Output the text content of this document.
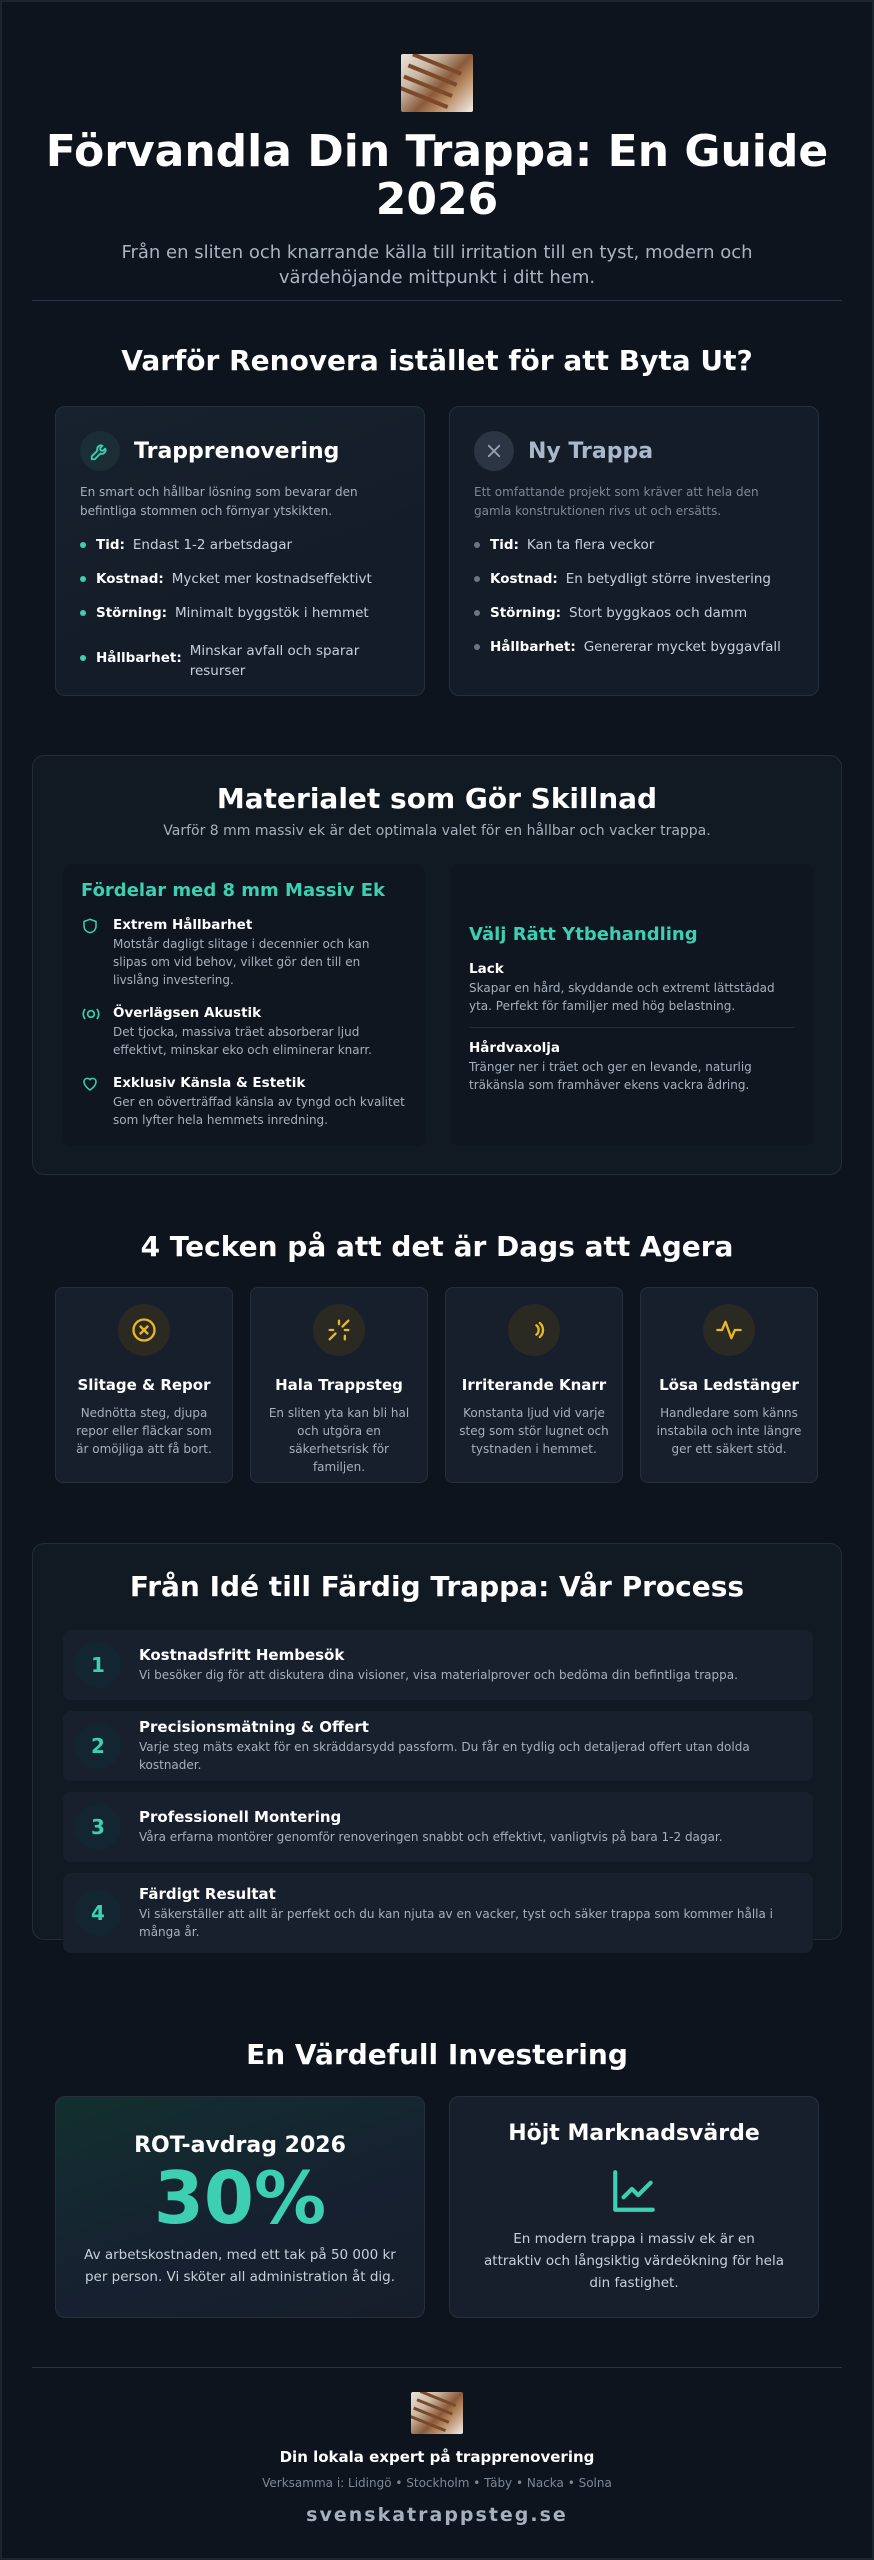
Förvandla Din Trappa: En Guide 2026

Från en sliten och knarrande källa till irritation till en tyst, modern och värdehöjande mittpunkt i ditt hem.

Varför Renovera istället för att Byta Ut?
Trapprenovering
En smart och hållbar lösning som bevarar den befintliga stommen och förnyar ytskikten.
Tid: Endast 1-2 arbetsdagar
Kostnad: Mycket mer kostnadseffektivt
Störning: Minimalt byggstök i hemmet
Hållbarhet: Minskar avfall och sparar resurser
Ny Trappa
Ett omfattande projekt som kräver att hela den gamla konstruktionen rivs ut och ersätts.
Tid: Kan ta flera veckor
Kostnad: En betydligt större investering
Störning: Stort byggkaos och damm
Hållbarhet: Genererar mycket byggavfall
Materialet som Gör Skillnad
Varför 8 mm massiv ek är det optimala valet för en hållbar och vacker trappa.
Fördelar med 8 mm Massiv Ek
Extrem Hållbarhet

Motstår dagligt slitage i decennier och kan slipas om vid behov, vilket gör den till en livslång investering.

Överlägsen Akustik

Det tjocka, massiva träet absorberar ljud effektivt, minskar eko och eliminerar knarr.

Exklusiv Känsla & Estetik

Ger en oöverträffad känsla av tyngd och kvalitet som lyfter hela hemmets inredning.

Välj Rätt Ytbehandling
Lack

Skapar en hård, skyddande och extremt lättstädad yta. Perfekt för familjer med hög belastning.

Hårdvaxolja

Tränger ner i träet och ger en levande, naturlig träkänsla som framhäver ekens vackra ådring.

4 Tecken på att det är Dags att Agera
Slitage & Repor

Nednötta steg, djupa repor eller fläckar som är omöjliga att få bort.

Hala Trappsteg

En sliten yta kan bli hal och utgöra en säkerhetsrisk för familjen.

Irriterande Knarr

Konstanta ljud vid varje steg som stör lugnet och tystnaden i hemmet.

Lösa Ledstänger

Handledare som känns instabila och inte längre ger ett säkert stöd.

Från Idé till Färdig Trappa: Vår Process
1	Kostnadsfritt Hembesök

Vi besöker dig för att diskutera dina visioner, visa materialprover och bedöma din befintliga trappa.

2
Precisionsmätning & Offert

Varje steg mäts exakt för en skräddarsydd passform. Du får en tydlig och detaljerad offert utan dolda kostnader.

3	Professionell Montering

Våra erfarna montörer genomför renoveringen snabbt och effektivt, vanligtvis på bara 1-2 dagar.

4
Färdigt Resultat

Vi säkerställer att allt är perfekt och du kan njuta av en vacker, tyst och säker trappa som kommer hålla i många år.

En Värdefull Investering
ROT-avdrag 2026
30%

Av arbetskostnaden, med ett tak på 50 000 kr per person. Vi sköter all administration åt dig.

Höjt Marknadsvärde

En modern trappa i massiv ek är en attraktiv och långsiktig värdeökning för hela din fastighet.

Din lokala expert på trapprenovering
Verksamma i: Lidingö • Stockholm • Täby • Nacka • Solna
svenskatrappsteg.se
